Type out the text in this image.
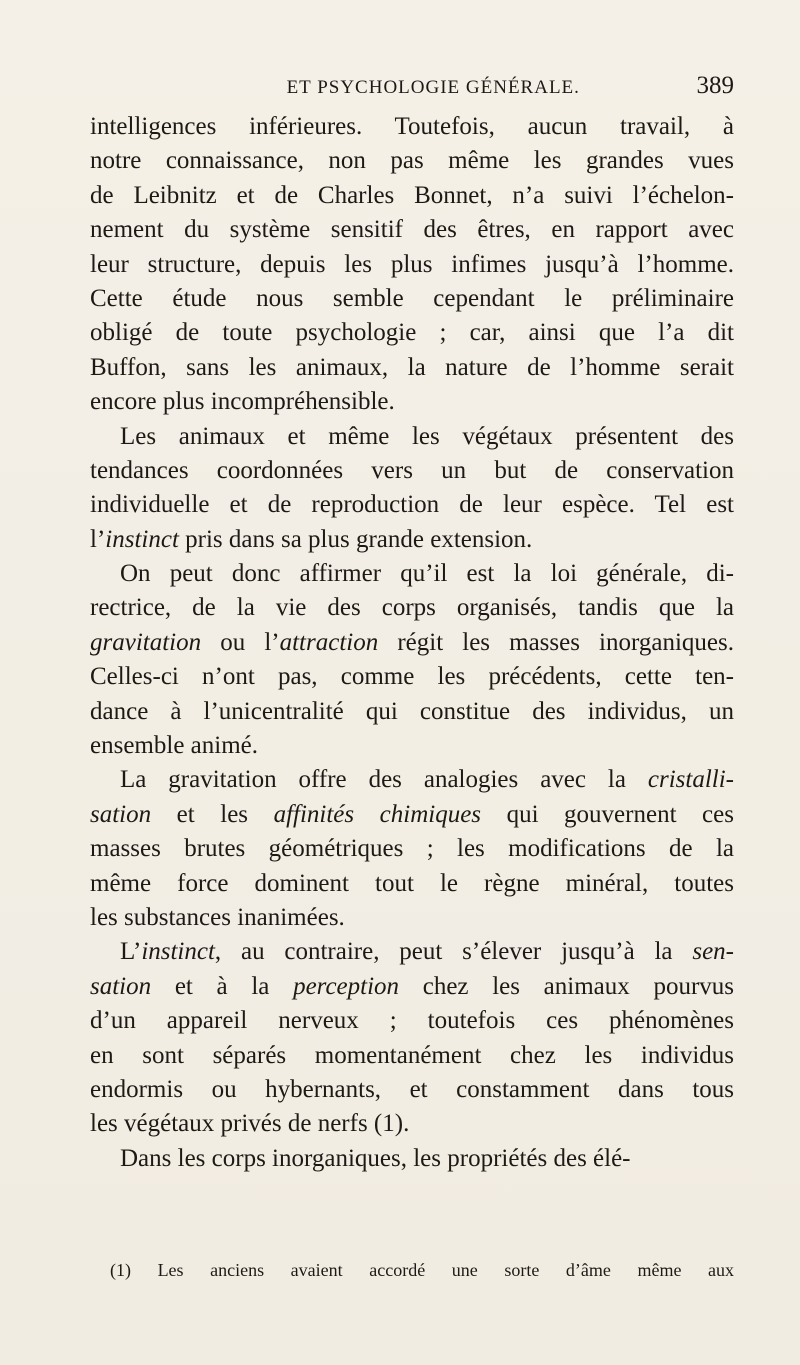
ET PSYCHOLOGIE GÉNÉRALE.	389
intelligences inférieures. Toutefois, aucun travail, à
notre connaissance, non pas même les grandes vues
de Leibnitz et de Charles Bonnet, n’a suivi l’échelon-
nement du système sensitif des êtres, en rapport avec
leur structure, depuis les plus infimes jusqu’à l’homme.
Cette étude nous semble cependant le préliminaire
obligé de toute psychologie ; car, ainsi que l’a dit
Buffon, sans les animaux, la nature de l’homme serait
encore plus incompréhensible.
Les animaux et même les végétaux présentent des
tendances coordonnées vers un but de conservation
individuelle et de reproduction de leur espèce. Tel est
l’instinct pris dans sa plus grande extension.
On peut donc affirmer qu’il est la loi générale, di-
rectrice, de la vie des corps organisés, tandis que la
gravitation ou l’attraction régit les masses inorganiques.
Celles-ci n’ont pas, comme les précédents, cette ten-
dance à l’unicentralité qui constitue des individus, un
ensemble animé.
La gravitation offre des analogies avec la cristalli-
sation et les affinités chimiques qui gouvernent ces
masses brutes géométriques ; les modifications de la
même force dominent tout le règne minéral, toutes
les substances inanimées.
L’instinct, au contraire, peut s’élever jusqu’à la sen-
sation et à la perception chez les animaux pourvus
d’un appareil nerveux ; toutefois ces phénomènes
en sont séparés momentanément chez les individus
endormis ou hybernants, et constamment dans tous
les végétaux privés de nerfs (1).
Dans les corps inorganiques, les propriétés des élé-
(1) Les anciens avaient accordé une sorte d’âme même aux
